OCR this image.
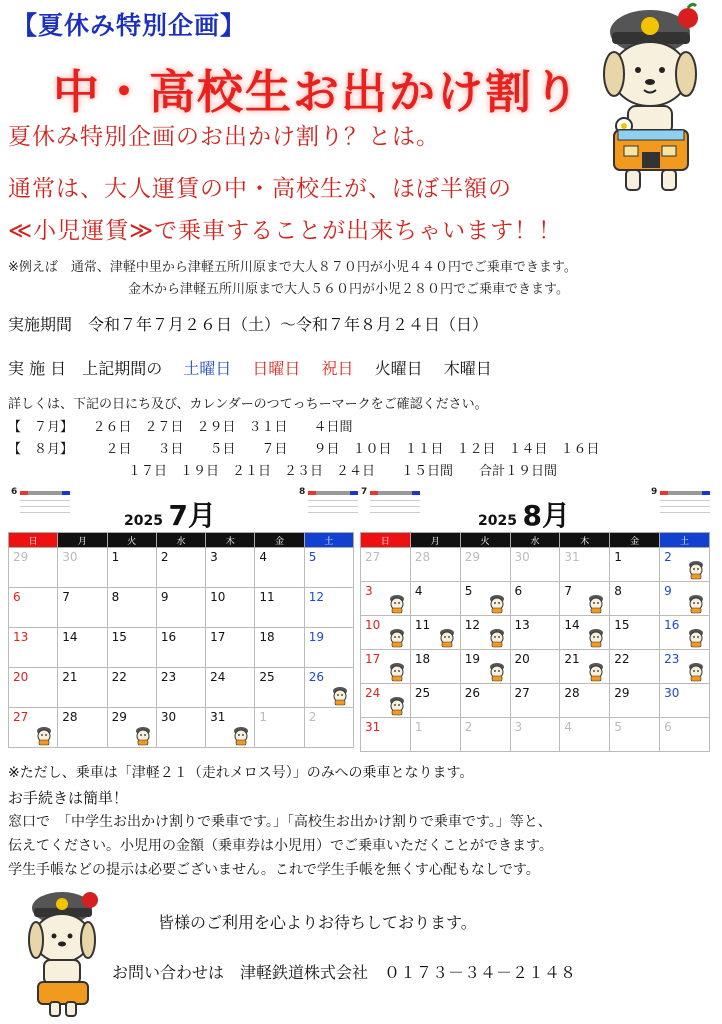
【夏休み特別企画】
中・高校生お出かけ割り
夏休み特別企画のお出かけ割り？とは。
通常は、大人運賃の中・高校生が、ほぼ半額の
≪小児運賃≫で乗車することが出来ちゃいます！！
※例えば　通常、津軽中里から津軽五所川原まで大人８７０円が小児４４０円でご乗車できます。
金木から津軽五所川原まで大人５６０円が小児２８０円でご乗車できます。
実施期間　 令和７年７月２６日（土）～令和７年８月２４日（日）
実 施 日　 上記期間の　 土曜日　 日曜日　 祝日　 火曜日　 木曜日
詳しくは、下記の日にち及び、カレンダーのつてっちーマークをご確認ください。
【　７月】　　 ２６日　２７日　２９日　３１日　　４日間
【　８月】　　　	２日　　３日　　５日　　７日　　９日　１０日　１１日　１２日　１４日　１６日
１７日　１９日　２１日　２３日　２４日　　１５日間　　合計１９日間
6
2025 7月
8	7
2025 8月
9
日	月	火	水	木	金	土
29	30	1	2	3	4	5
6	7	8	9	10	11	12
13	14	15	16	17	18	19
20	21	22	23	24	25	26

27	28	29	30	31	1	2
日	月	火	水	木	金	土
27	28	29	30	31	1	2

3	4	5	6	7	8	9

10	11	12	13	14	15	16

17	18	19	20	21	22	23

24	25	26	27	28	29	30
31	1	2	3	4	5	6
※ただし、乗車は「津軽２１（走れメロス号）」のみへの乗車となります。
お手続きは簡単！
窓口で　「中学生お出かけ割りで乗車です。」「高校生お出かけ割りで乗車です。」等と、
伝えてください。小児用の金額（乗車券は小児用）でご乗車いただくことができます。
学生手帳などの提示は必要ございません。これで学生手帳を無くす心配もなしです。
皆様のご利用を心よりお待ちしております。
お問い合わせは　津軽鉄道株式会社　０１７３－３４－２１４８
